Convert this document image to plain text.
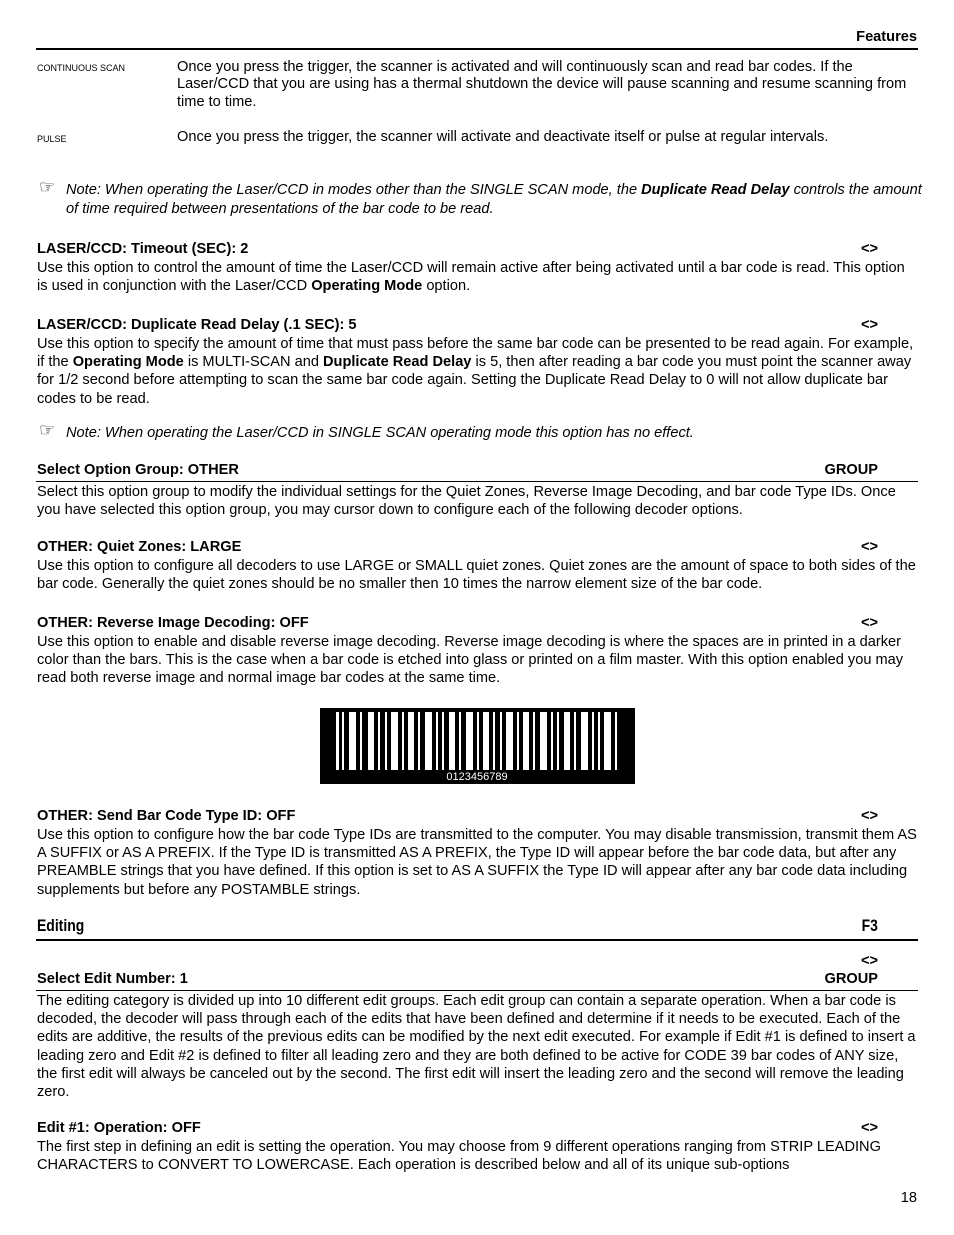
Features
CONTINUOUS SCAN	Once you press the trigger, the scanner is activated and will continuously scan and read bar codes. If the Laser/CCD that you are using has a thermal shutdown the device will pause scanning and resume scanning from time to time.
PULSE	Once you press the trigger, the scanner will activate and deactivate itself or pulse at regular intervals.
☞ Note: When operating the Laser/CCD in modes other than the SINGLE SCAN mode, the Duplicate Read Delay controls the amount of time required between presentations of the bar code to be read.
LASER/CCD: Timeout (SEC): 2	<>
Use this option to control the amount of time the Laser/CCD will remain active after being activated until a bar code is read. This option is used in conjunction with the Laser/CCD Operating Mode option.
LASER/CCD: Duplicate Read Delay (.1 SEC): 5	<>
Use this option to specify the amount of time that must pass before the same bar code can be presented to be read again. For example, if the Operating Mode is MULTI-SCAN and Duplicate Read Delay is 5, then after reading a bar code you must point the scanner away for 1/2 second before attempting to scan the same bar code again. Setting the Duplicate Read Delay to 0 will not allow duplicate bar codes to be read.
☞ Note: When operating the Laser/CCD in SINGLE SCAN operating mode this option has no effect.
Select Option Group: OTHER	GROUP
Select this option group to modify the individual settings for the Quiet Zones, Reverse Image Decoding, and bar code Type IDs. Once you have selected this option group, you may cursor down to configure each of the following decoder options.
OTHER: Quiet Zones: LARGE	<>
Use this option to configure all decoders to use LARGE or SMALL quiet zones. Quiet zones are the amount of space to both sides of the bar code. Generally the quiet zones should be no smaller then 10 times the narrow element size of the bar code.
OTHER: Reverse Image Decoding: OFF	<>
Use this option to enable and disable reverse image decoding. Reverse image decoding is where the spaces are in printed in a darker color than the bars. This is the case when a bar code is etched into glass or printed on a film master. With this option enabled you may read both reverse image and normal image bar codes at the same time.
0123456789
OTHER: Send Bar Code Type ID: OFF	<>
Use this option to configure how the bar code Type IDs are transmitted to the computer. You may disable transmission, transmit them AS A SUFFIX or AS A PREFIX. If the Type ID is transmitted AS A PREFIX, the Type ID will appear before the bar code data, but after any PREAMBLE strings that you have defined. If this option is set to AS A SUFFIX the Type ID will appear after any bar code data including supplements but before any POSTAMBLE strings.
Editing	F3
<>
Select Edit Number: 1	GROUP
The editing category is divided up into 10 different edit groups. Each edit group can contain a separate operation. When a bar code is decoded, the decoder will pass through each of the edits that have been defined and determine if it needs to be executed. Each of the edits are additive, the results of the previous edits can be modified by the next edit executed. For example if Edit #1 is defined to insert a leading zero and Edit #2 is defined to filter all leading zero and they are both defined to be active for CODE 39 bar codes of ANY size, the first edit will always be canceled out by the second. The first edit will insert the leading zero and the second will remove the leading zero.
Edit #1: Operation: OFF	<>
The first step in defining an edit is setting the operation. You may choose from 9 different operations ranging from STRIP LEADING CHARACTERS to CONVERT TO LOWERCASE. Each operation is described below and all of its unique sub-options
18
